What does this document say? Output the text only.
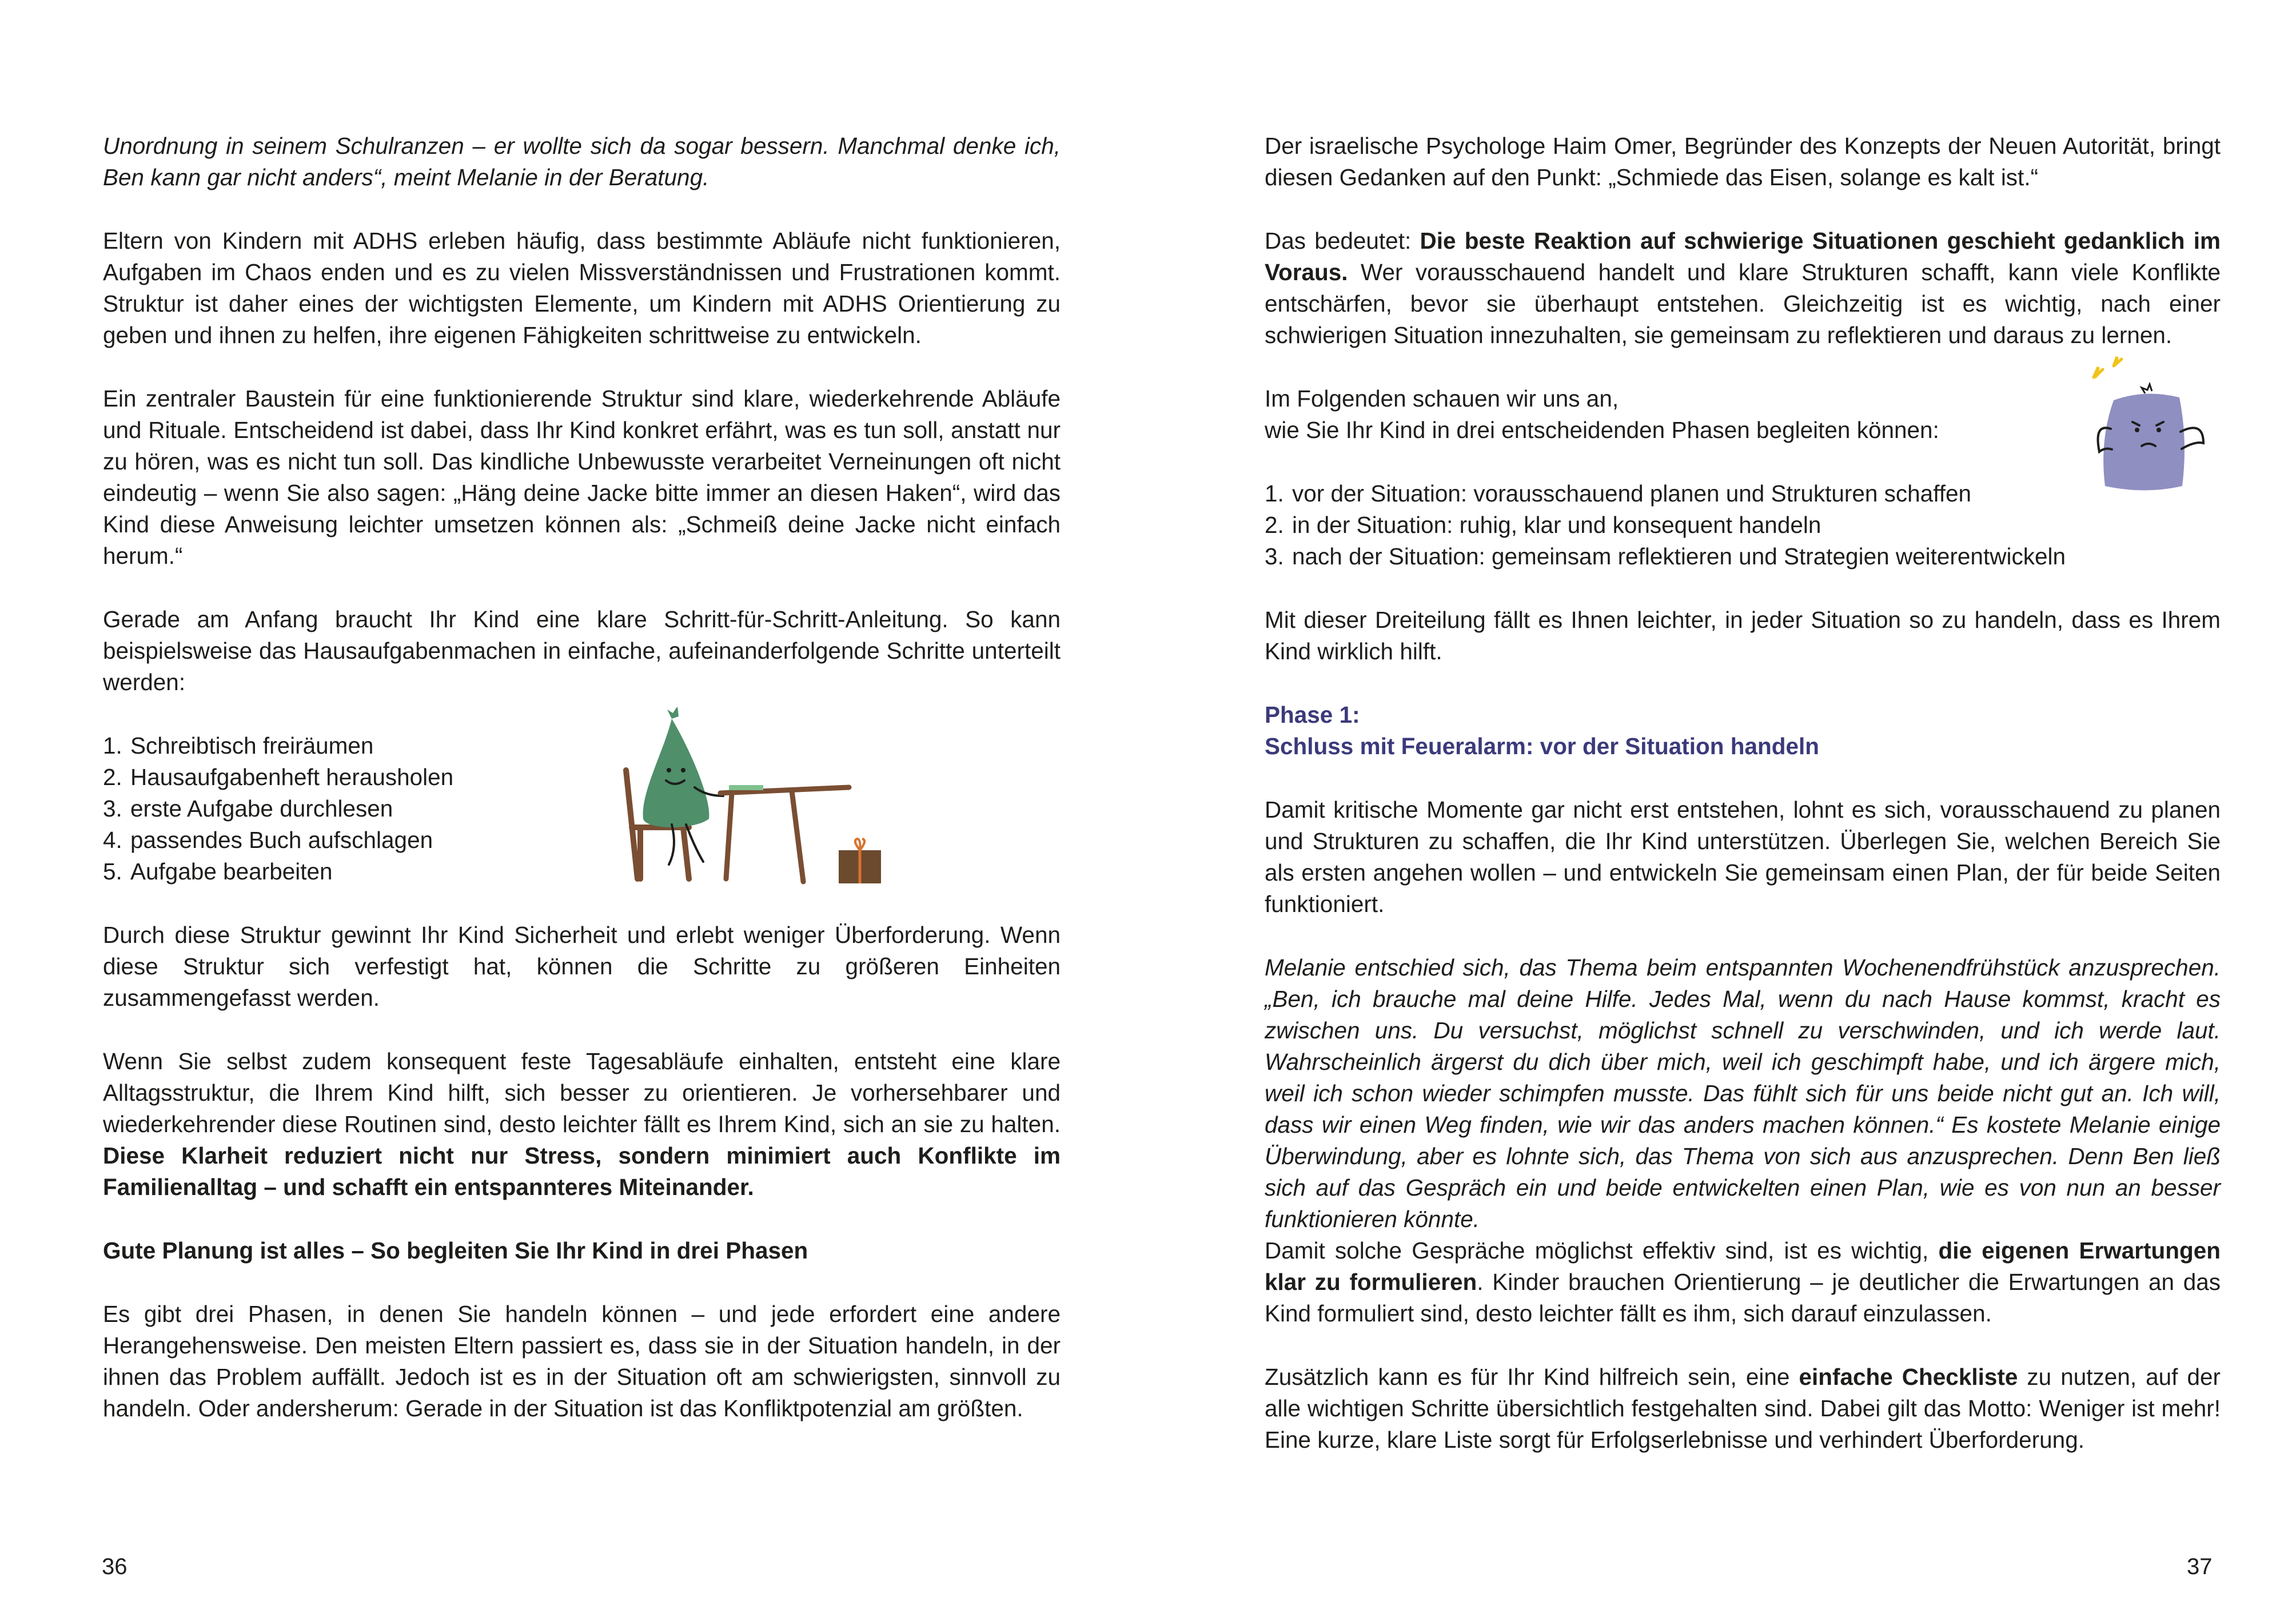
Unordnung in seinem Schulranzen – er wollte sich da sogar bessern. Manchmal denke ich, Ben kann gar nicht anders“, meint Melanie in der Beratung.

Eltern von Kindern mit ADHS erleben häufig, dass bestimmte Abläufe nicht funktionieren, Aufgaben im Chaos enden und es zu vielen Missverständnissen und Frustrationen kommt. Struktur ist daher eines der wichtigsten Elemente, um Kindern mit ADHS Orientierung zu geben und ihnen zu helfen, ihre eigenen Fähigkeiten schrittweise zu entwickeln.

Ein zentraler Baustein für eine funktionierende Struktur sind klare, wiederkehrende Abläufe und Rituale. Entscheidend ist dabei, dass Ihr Kind konkret erfährt, was es tun soll, anstatt nur zu hören, was es nicht tun soll. Das kindliche Unbewusste verarbeitet Verneinungen oft nicht eindeutig – wenn Sie also sagen: „Häng deine Jacke bitte immer an diesen Haken“, wird das Kind diese Anweisung leichter umsetzen können als: „Schmeiß deine Jacke nicht einfach herum.“

Gerade am Anfang braucht Ihr Kind eine klare Schritt-für-Schritt-Anleitung. So kann beispielsweise das Hausaufgabenmachen in einfache, aufeinanderfolgende Schritte unterteilt werden:

1. Schreibtisch freiräumen
2. Hausaufgabenheft herausholen
3. erste Aufgabe durchlesen
4. passendes Buch aufschlagen
5. Aufgabe bearbeiten

Durch diese Struktur gewinnt Ihr Kind Sicherheit und erlebt weniger Überforderung. Wenn diese Struktur sich verfestigt hat, können die Schritte zu größeren Einheiten zusammengefasst werden.

Wenn Sie selbst zudem konsequent feste Tagesabläufe einhalten, entsteht eine klare Alltagsstruktur, die Ihrem Kind hilft, sich besser zu orientieren. Je vorhersehbarer und wiederkehrender diese Routinen sind, desto leichter fällt es Ihrem Kind, sich an sie zu halten. Diese Klarheit reduziert nicht nur Stress, sondern minimiert auch Konflikte im Familienalltag – und schafft ein entspannteres Miteinander.

Gute Planung ist alles – So begleiten Sie Ihr Kind in drei Phasen

Es gibt drei Phasen, in denen Sie handeln können – und jede erfordert eine andere Herangehensweise. Den meisten Eltern passiert es, dass sie in der Situation handeln, in der ihnen das Problem auffällt. Jedoch ist es in der Situation oft am schwierigsten, sinnvoll zu handeln. Oder andersherum: Gerade in der Situation ist das Konfliktpotenzial am größten.

36

Der israelische Psychologe Haim Omer, Begründer des Konzepts der Neuen Autorität, bringt diesen Gedanken auf den Punkt: „Schmiede das Eisen, solange es kalt ist.“

Das bedeutet: Die beste Reaktion auf schwierige Situationen geschieht gedanklich im Voraus. Wer vorausschauend handelt und klare Strukturen schafft, kann viele Konflikte entschärfen, bevor sie überhaupt entstehen. Gleichzeitig ist es wichtig, nach einer schwierigen Situation innezuhalten, sie gemeinsam zu reflektieren und daraus zu lernen.

Im Folgenden schauen wir uns an,
wie Sie Ihr Kind in drei entscheidenden Phasen begleiten können:

1. vor der Situation: vorausschauend planen und Strukturen schaffen
2. in der Situation: ruhig, klar und konsequent handeln
3. nach der Situation: gemeinsam reflektieren und Strategien weiterentwickeln

Mit dieser Dreiteilung fällt es Ihnen leichter, in jeder Situation so zu handeln, dass es Ihrem Kind wirklich hilft.

Phase 1:
Schluss mit Feueralarm: vor der Situation handeln

Damit kritische Momente gar nicht erst entstehen, lohnt es sich, vorausschauend zu planen und Strukturen zu schaffen, die Ihr Kind unterstützen. Überlegen Sie, welchen Bereich Sie als ersten angehen wollen – und entwickeln Sie gemeinsam einen Plan, der für beide Seiten funktioniert.

Melanie entschied sich, das Thema beim entspannten Wochenendfrühstück anzusprechen. „Ben, ich brauche mal deine Hilfe. Jedes Mal, wenn du nach Hause kommst, kracht es zwischen uns. Du versuchst, möglichst schnell zu verschwinden, und ich werde laut. Wahrscheinlich ärgerst du dich über mich, weil ich geschimpft habe, und ich ärgere mich, weil ich schon wieder schimpfen musste. Das fühlt sich für uns beide nicht gut an. Ich will, dass wir einen Weg finden, wie wir das anders machen können.“ Es kostete Melanie einige Überwindung, aber es lohnte sich, das Thema von sich aus anzusprechen. Denn Ben ließ sich auf das Gespräch ein und beide entwickelten einen Plan, wie es von nun an besser funktionieren könnte.

Damit solche Gespräche möglichst effektiv sind, ist es wichtig, die eigenen Erwartungen klar zu formulieren. Kinder brauchen Orientierung – je deutlicher die Erwartungen an das Kind formuliert sind, desto leichter fällt es ihm, sich darauf einzulassen.

Zusätzlich kann es für Ihr Kind hilfreich sein, eine einfache Checkliste zu nutzen, auf der alle wichtigen Schritte übersichtlich festgehalten sind. Dabei gilt das Motto: Weniger ist mehr! Eine kurze, klare Liste sorgt für Erfolgserlebnisse und verhindert Überforderung.

37
